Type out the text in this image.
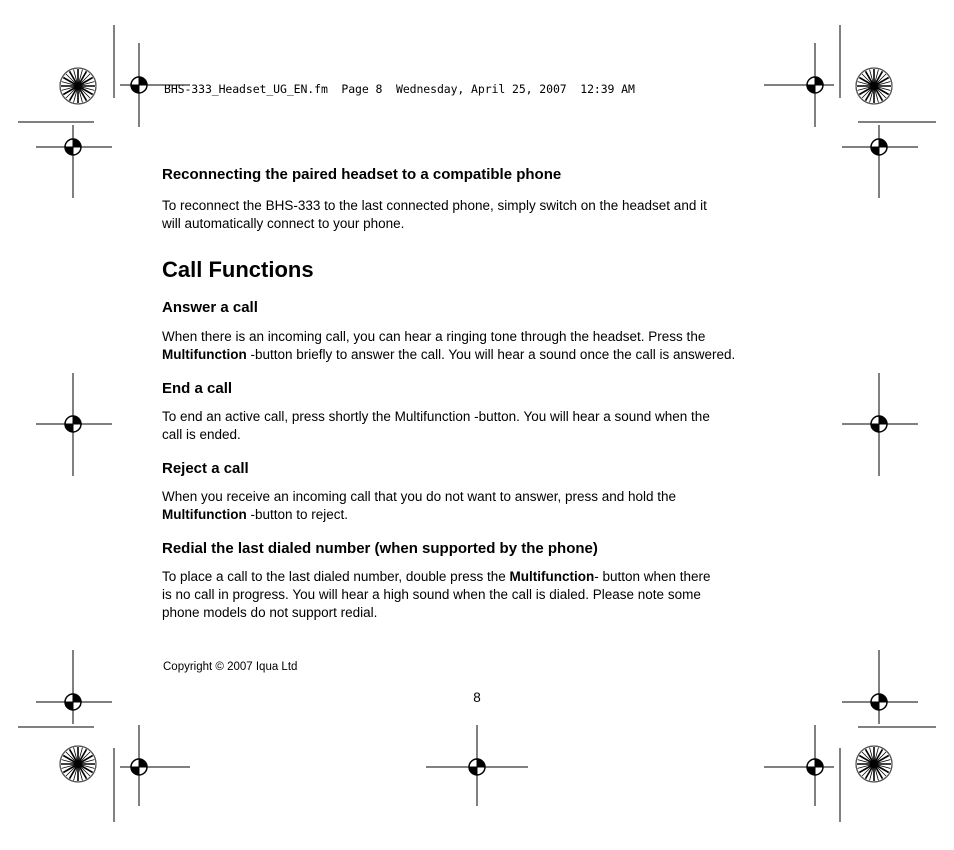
BHS-333_Headset_UG_EN.fm  Page 8  Wednesday, April 25, 2007  12:39 AM

Reconnecting the paired headset to a compatible phone

To reconnect the BHS-333 to the last connected phone, simply switch on the headset and it

will automatically connect to your phone.

Call Functions

Answer a call

When there is an incoming call, you can hear a ringing tone through the headset. Press the

Multifunction -button briefly to answer the call. You will hear a sound once the call is answered.

End a call

To end an active call, press shortly the Multifunction -button. You will hear a sound when the

call is ended.

Reject a call

When you receive an incoming call that you do not want to answer, press and hold the

Multifunction -button to reject.

Redial the last dialed number (when supported by the phone)

To place a call to the last dialed number, double press the Multifunction- button when there

is no call in progress. You will hear a high sound when the call is dialed. Please note some

phone models do not support redial.

Copyright © 2007 Iqua Ltd
8
